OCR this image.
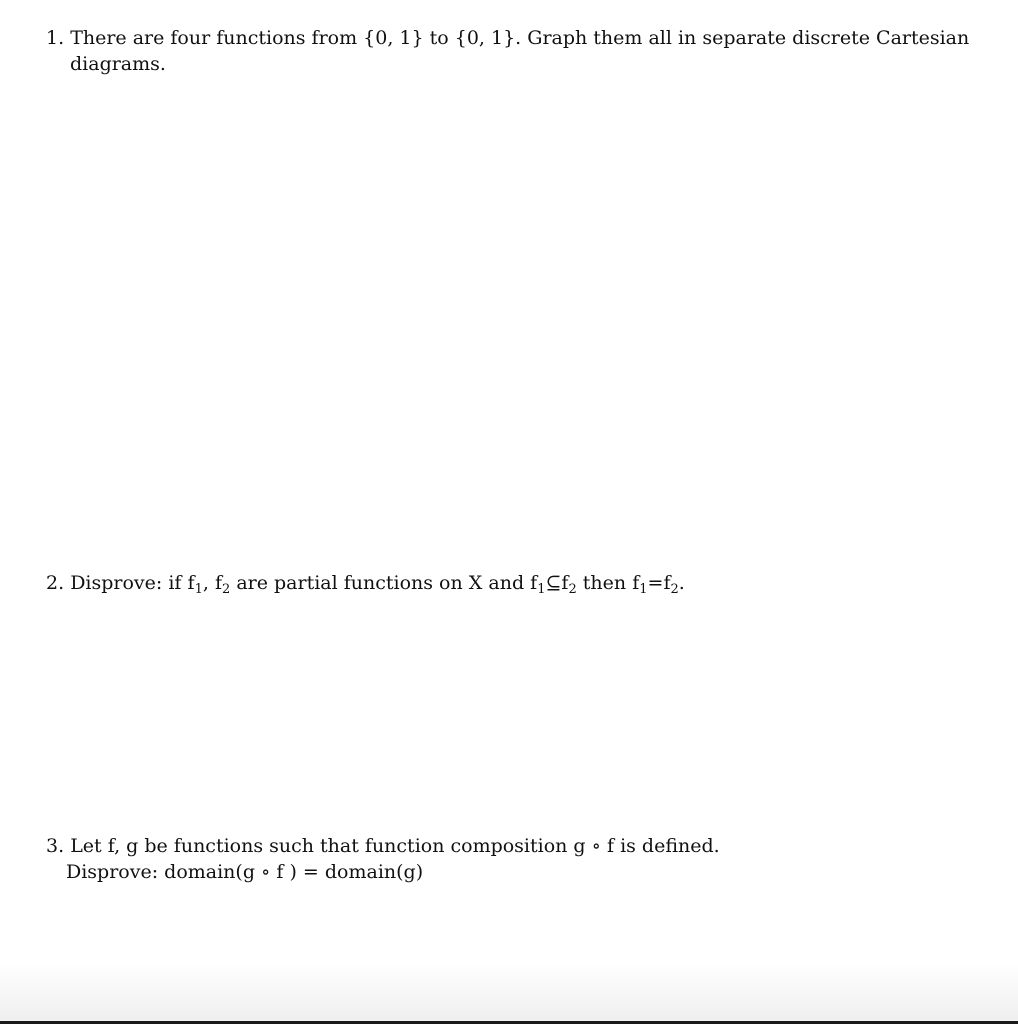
1. There are four functions from {0, 1} to {0, 1}. Graph them all in separate discrete Cartesian
diagrams.
2. Disprove: if $f_1$, $f_2$ are partial functions on X and $f_1⊆f_2$ then $f_1=f_2$.
3. Let f, g be functions such that function composition g ∘ f is defined.
Disprove: domain(g ∘ f ) = domain(g)
